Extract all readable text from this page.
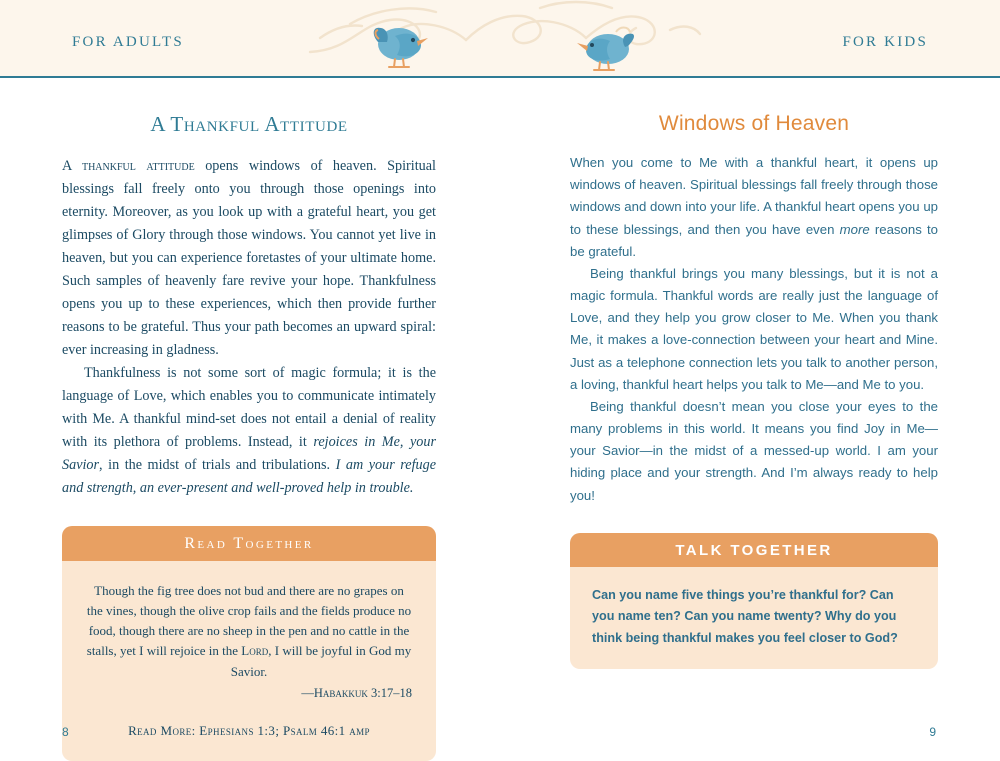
FOR ADULTS	FOR KIDS
A Thankful Attitude

A thankful attitude opens windows of heaven. Spiritual blessings fall freely onto you through those openings into eternity. Moreover, as you look up with a grateful heart, you get glimpses of Glory through those windows. You cannot yet live in heaven, but you can experience foretastes of your ultimate home. Such samples of heavenly fare revive your hope. Thankfulness opens you up to these experiences, which then provide further reasons to be grateful. Thus your path becomes an upward spiral: ever increasing in gladness.

Thankfulness is not some sort of magic formula; it is the language of Love, which enables you to communicate intimately with Me. A thankful mind-set does not entail a denial of reality with its plethora of problems. Instead, it rejoices in Me, your Savior, in the midst of trials and tribulations. I am your refuge and strength, an ever-present and well-proved help in trouble.

Read Together
Though the fig tree does not bud and there are no grapes on the vines, though the olive crop fails and the fields produce no food, though there are no sheep in the pen and no cattle in the stalls, yet I will rejoice in the Lord, I will be joyful in God my Savior.
—Habakkuk 3:17–18
Read More: Ephesians 1:3; Psalm 46:1 amp
8
Windows of Heaven

When you come to Me with a thankful heart, it opens up windows of heaven. Spiritual blessings fall freely through those windows and down into your life. A thankful heart opens you up to these blessings, and then you have even more reasons to be grateful.

Being thankful brings you many blessings, but it is not a magic formula. Thankful words are really just the language of Love, and they help you grow closer to Me. When you thank Me, it makes a love-connection between your heart and Mine. Just as a telephone connection lets you talk to another person, a loving, thankful heart helps you talk to Me—and Me to you.

Being thankful doesn’t mean you close your eyes to the many problems in this world. It means you find Joy in Me—your Savior—in the midst of a messed-up world. I am your hiding place and your strength. And I’m always ready to help you!

TALK TOGETHER
Can you name five things you’re thankful for? Can you name ten? Can you name twenty? Why do you think being thankful makes you feel closer to God?
9
